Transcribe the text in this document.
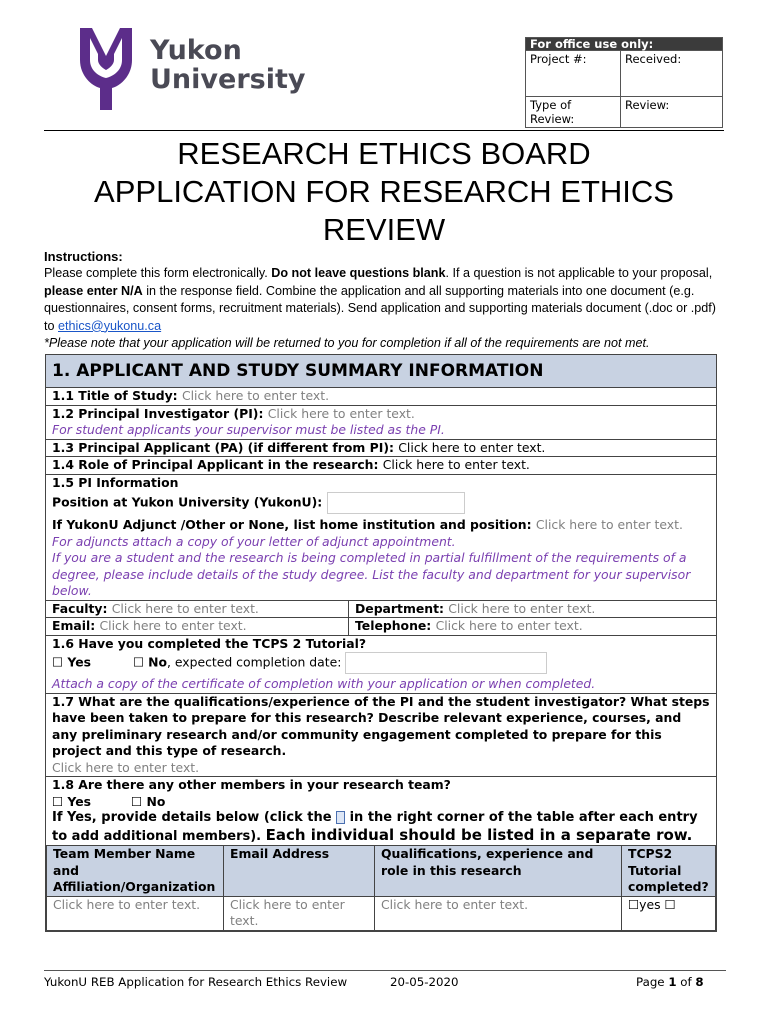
Yukon
University
For office use only:	
Project #:	Received:
Type of Review:	Review:
RESEARCH ETHICS BOARD
APPLICATION FOR RESEARCH ETHICS
REVIEW
Instructions:
Please complete this form electronically. Do not leave questions blank. If a question is not applicable to your proposal, please enter N/A in the response field. Combine the application and all supporting materials into one document (e.g. questionnaires, consent forms, recruitment materials). Send application and supporting materials document (.doc or .pdf) to ethics@yukonu.ca
*Please note that your application will be returned to you for completion if all of the requirements are not met.
1. APPLICANT AND STUDY SUMMARY INFORMATION
1.1 Title of Study: Click here to enter text.
1.2 Principal Investigator (PI): Click here to enter text.
For student applicants your supervisor must be listed as the PI.
1.3 Principal Applicant (PA) (if different from PI): Click here to enter text.
1.4 Role of Principal Applicant in the research: Click here to enter text.
1.5 PI Information
Position at Yukon University (YukonU):
If YukonU Adjunct /Other or None, list home institution and position: Click here to enter text.
For adjuncts attach a copy of your letter of adjunct appointment.
If you are a student and the research is being completed in partial fulfillment of the requirements of a degree, please include details of the study degree. List the faculty and department for your supervisor below.
Faculty: Click here to enter text.	Department: Click here to enter text.
Email: Click here to enter text.	Telephone: Click here to enter text.
1.6 Have you completed the TCPS 2 Tutorial?
☐ Yes	☐ No, expected completion date:
Attach a copy of the certificate of completion with your application or when completed.
1.7 What are the qualifications/experience of the PI and the student investigator? What steps have been taken to prepare for this research? Describe relevant experience, courses, and any preliminary research and/or community engagement completed to prepare for this project and this type of research.
Click here to enter text.
1.8 Are there any other members in your research team?
☐ Yes	☐ No
If Yes, provide details below (click the  in the right corner of the table after each entry to add additional members). Each individual should be listed in a separate row.
Team Member Name and Affiliation/Organization	Email Address	Qualifications, experience and role in this research	TCPS2 Tutorial completed?
Click here to enter text.	Click here to enter text.	Click here to enter text.	☐yes ☐
YukonU REB Application for Research Ethics Review	20-05-2020	Page 1 of 8
